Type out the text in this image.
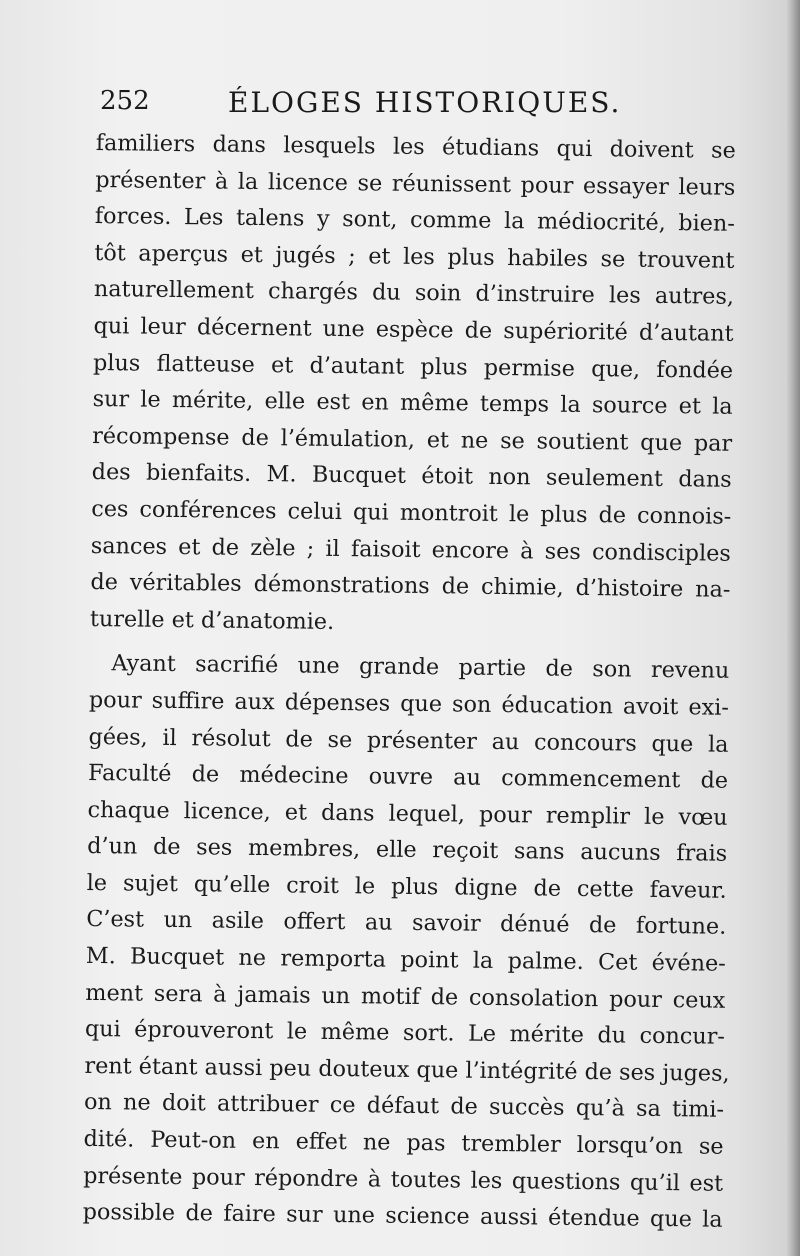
252	ÉLOGES HISTORIQUES.
familiers dans lesquels les étudians qui doivent se
présenter à la licence se réunissent pour essayer leurs
forces. Les talens y sont, comme la médiocrité, bien-
tôt aperçus et jugés ; et les plus habiles se trouvent
naturellement chargés du soin d’instruire les autres,
qui leur décernent une espèce de supériorité d’autant
plus flatteuse et d’autant plus permise que, fondée
sur le mérite, elle est en même temps la source et la
récompense de l’émulation, et ne se soutient que par
des bienfaits. M. Bucquet étoit non seulement dans
ces conférences celui qui montroit le plus de connois-
sances et de zèle ; il faisoit encore à ses condisciples
de véritables démonstrations de chimie, d’histoire na-
turelle et d’anatomie.
Ayant sacrifié une grande partie de son revenu
pour suffire aux dépenses que son éducation avoit exi-
gées, il résolut de se présenter au concours que la
Faculté de médecine ouvre au commencement de
chaque licence, et dans lequel, pour remplir le vœu
d’un de ses membres, elle reçoit sans aucuns frais
le sujet qu’elle croit le plus digne de cette faveur.
C’est un asile offert au savoir dénué de fortune.
M. Bucquet ne remporta point la palme. Cet événe-
ment sera à jamais un motif de consolation pour ceux
qui éprouveront le même sort. Le mérite du concur-
rent étant aussi peu douteux que l’intégrité de ses juges,
on ne doit attribuer ce défaut de succès qu’à sa timi-
dité. Peut-on en effet ne pas trembler lorsqu’on se
présente pour répondre à toutes les questions qu’il est
possible de faire sur une science aussi étendue que la
